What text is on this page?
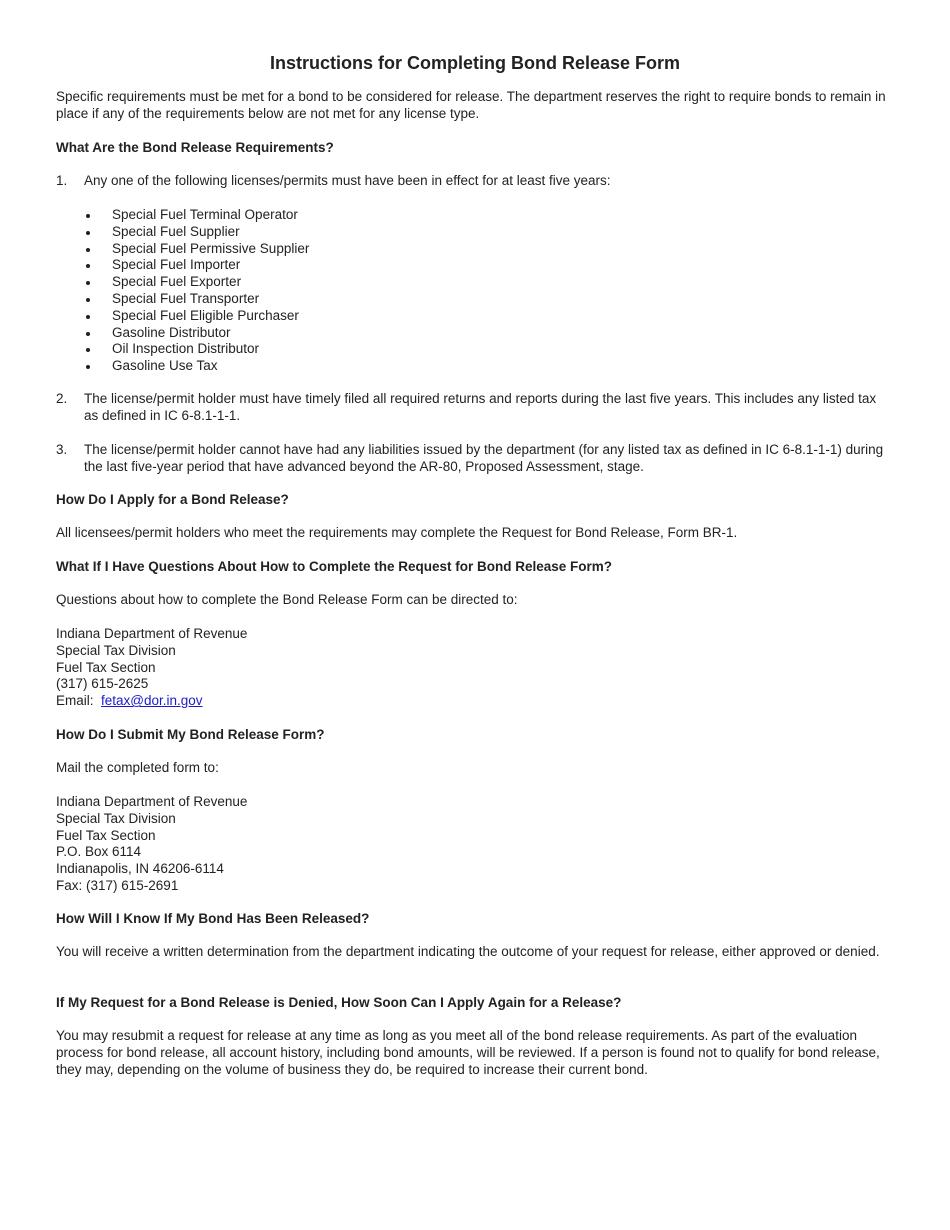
Instructions for Completing Bond Release Form

Specific requirements must be met for a bond to be considered for release. The department reserves the right to require bonds to remain in place if any of the requirements below are not met for any license type.

What Are the Bond Release Requirements?
1.	Any one of the following licenses/permits must have been in effect for at least five years:
Special Fuel Terminal Operator
Special Fuel Supplier
Special Fuel Permissive Supplier
Special Fuel Importer
Special Fuel Exporter
Special Fuel Transporter
Special Fuel Eligible Purchaser
Gasoline Distributor
Oil Inspection Distributor
Gasoline Use Tax
2.	The license/permit holder must have timely filed all required returns and reports during the last five years. This includes any listed tax as defined in IC 6-8.1-1-1.
3.	The license/permit holder cannot have had any liabilities issued by the department (for any listed tax as defined in IC 6-8.1-1-1) during the last five-year period that have advanced beyond the AR-80, Proposed Assessment, stage.
How Do I Apply for a Bond Release?

All licensees/permit holders who meet the requirements may complete the Request for Bond Release, Form BR-1.

What If I Have Questions About How to Complete the Request for Bond Release Form?

Questions about how to complete the Bond Release Form can be directed to:

Indiana Department of Revenue
Special Tax Division
Fuel Tax Section
(317) 615-2625
Email: fetax@dor.in.gov
How Do I Submit My Bond Release Form?

Mail the completed form to:

Indiana Department of Revenue
Special Tax Division
Fuel Tax Section
P.O. Box 6114
Indianapolis, IN 46206-6114
Fax: (317) 615-2691
How Will I Know If My Bond Has Been Released?

You will receive a written determination from the department indicating the outcome of your request for release, either approved or denied.

If My Request for a Bond Release is Denied, How Soon Can I Apply Again for a Release?

You may resubmit a request for release at any time as long as you meet all of the bond release requirements. As part of the evaluation process for bond release, all account history, including bond amounts, will be reviewed. If a person is found not to qualify for bond release, they may, depending on the volume of business they do, be required to increase their current bond.
